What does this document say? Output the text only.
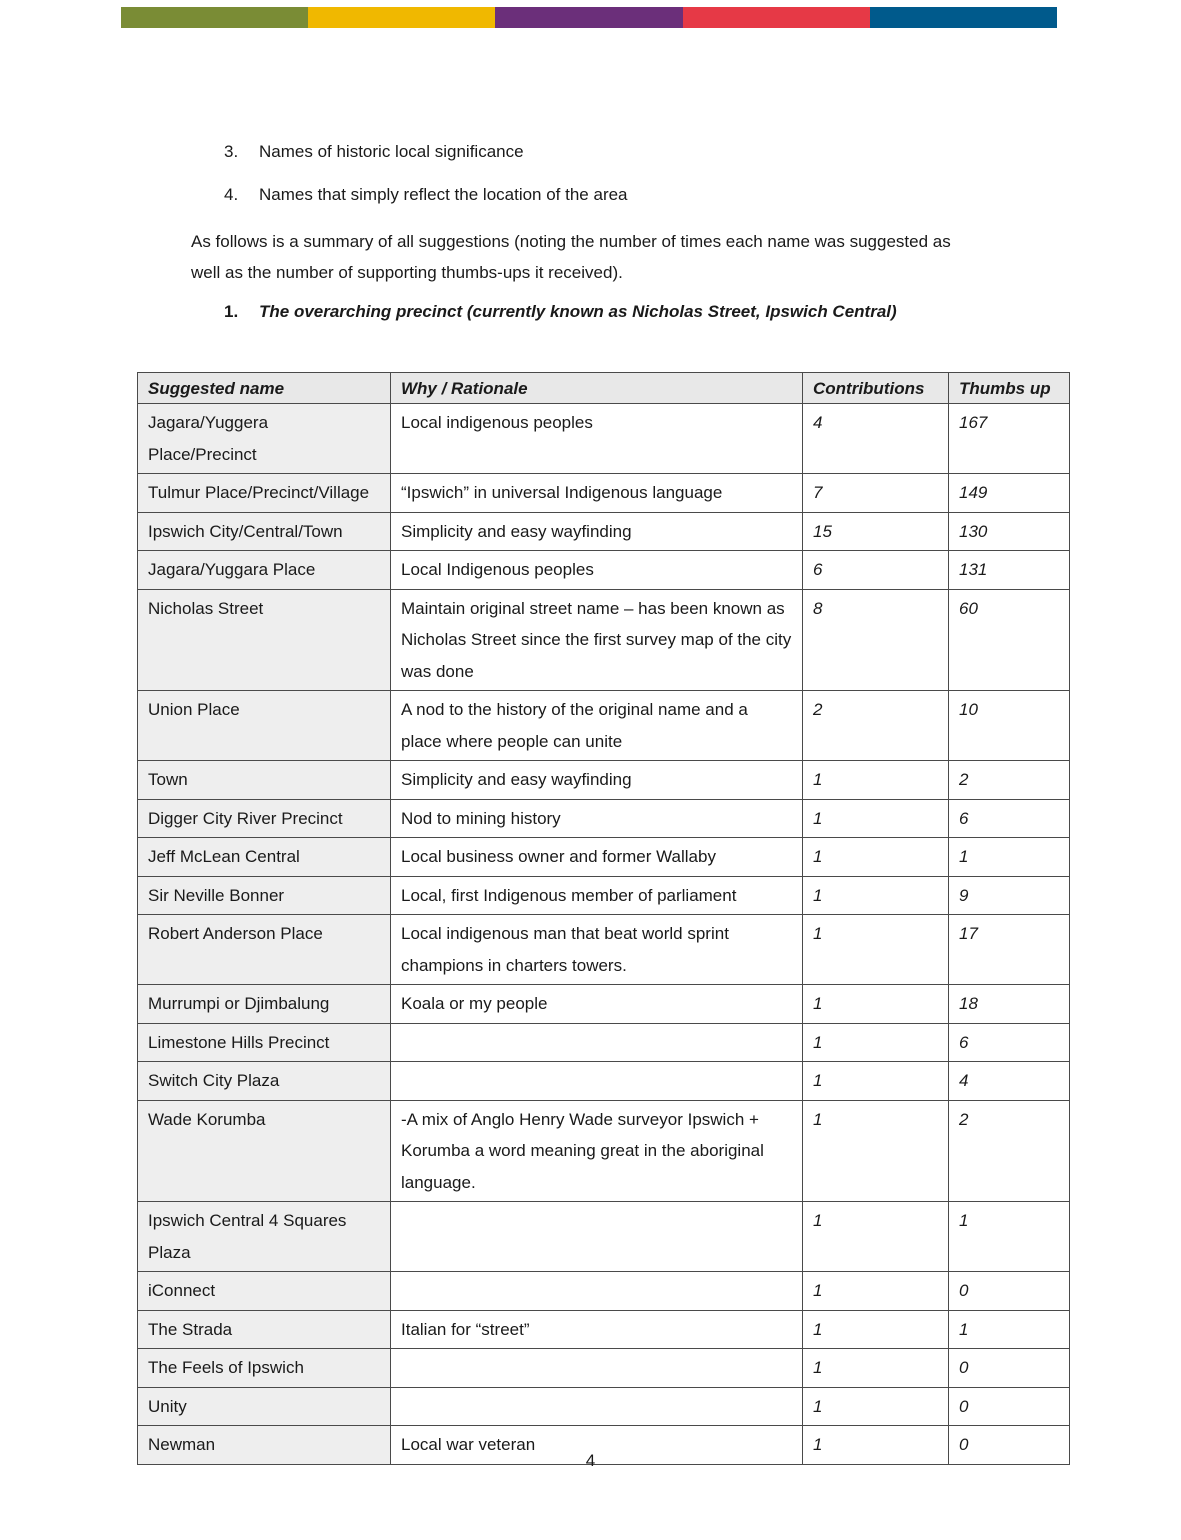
3. Names of historic local significance
4. Names that simply reflect the location of the area
As follows is a summary of all suggestions (noting the number of times each name was suggested as well as the number of supporting thumbs-ups it received).
1. The overarching precinct (currently known as Nicholas Street, Ipswich Central)
Suggested name	Why / Rationale	Contributions	Thumbs up
Jagara/Yuggera Place/Precinct	Local indigenous peoples	4	167
Tulmur Place/Precinct/Village	“Ipswich” in universal Indigenous language	7	149
Ipswich City/Central/Town	Simplicity and easy wayfinding	15	130
Jagara/Yuggara Place	Local Indigenous peoples	6	131
Nicholas Street	Maintain original street name – has been known as Nicholas Street since the first survey map of the city was done	8	60
Union Place	A nod to the history of the original name and a place where people can unite	2	10
Town	Simplicity and easy wayfinding	1	2
Digger City River Precinct	Nod to mining history	1	6
Jeff McLean Central	Local business owner and former Wallaby	1	1
Sir Neville Bonner	Local, first Indigenous member of parliament	1	9
Robert Anderson Place	Local indigenous man that beat world sprint champions in charters towers.	1	17
Murrumpi or Djimbalung	Koala or my people	1	18
Limestone Hills Precinct		1	6
Switch City Plaza		1	4
Wade Korumba	-A mix of Anglo Henry Wade surveyor Ipswich + Korumba a word meaning great in the aboriginal language.	1	2
Ipswich Central 4 Squares Plaza		1	1
iConnect		1	0
The Strada	Italian for “street”	1	1
The Feels of Ipswich		1	0
Unity		1	0
Newman	Local war veteran	1	0
4
